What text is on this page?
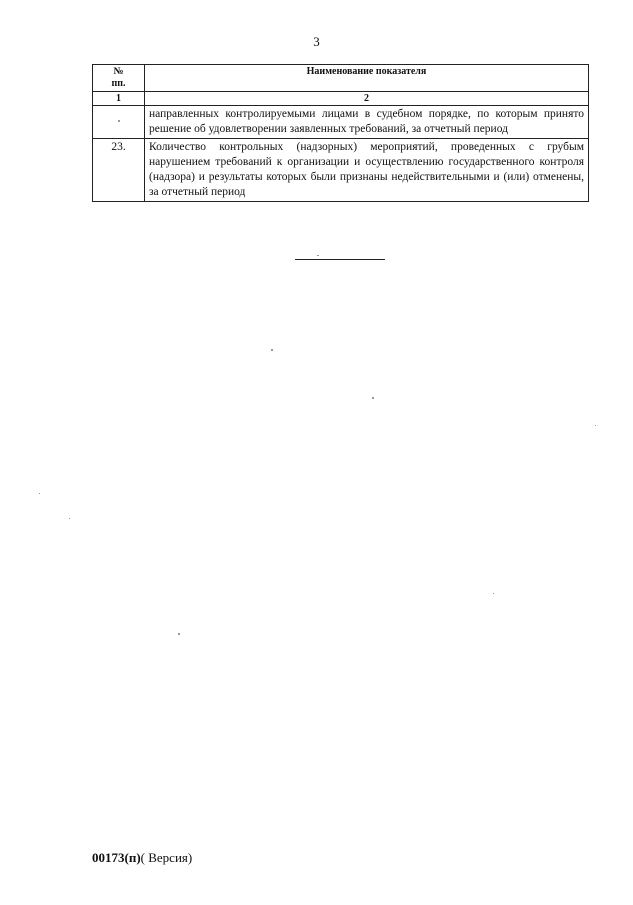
3
№
пп.	Наименование показателя
1	2
	направленных контролируемыми лицами в судебном порядке, по которым принято решение об удовлетворении заявленных требований, за отчетный период
23.	Количество контрольных (надзорных) мероприятий, проведенных с грубым нарушением требований к организации и осуществлению государственного контроля (надзора) и результаты которых были признаны недействительными и (или) отменены, за отчетный период
00173(п)( Версия)
